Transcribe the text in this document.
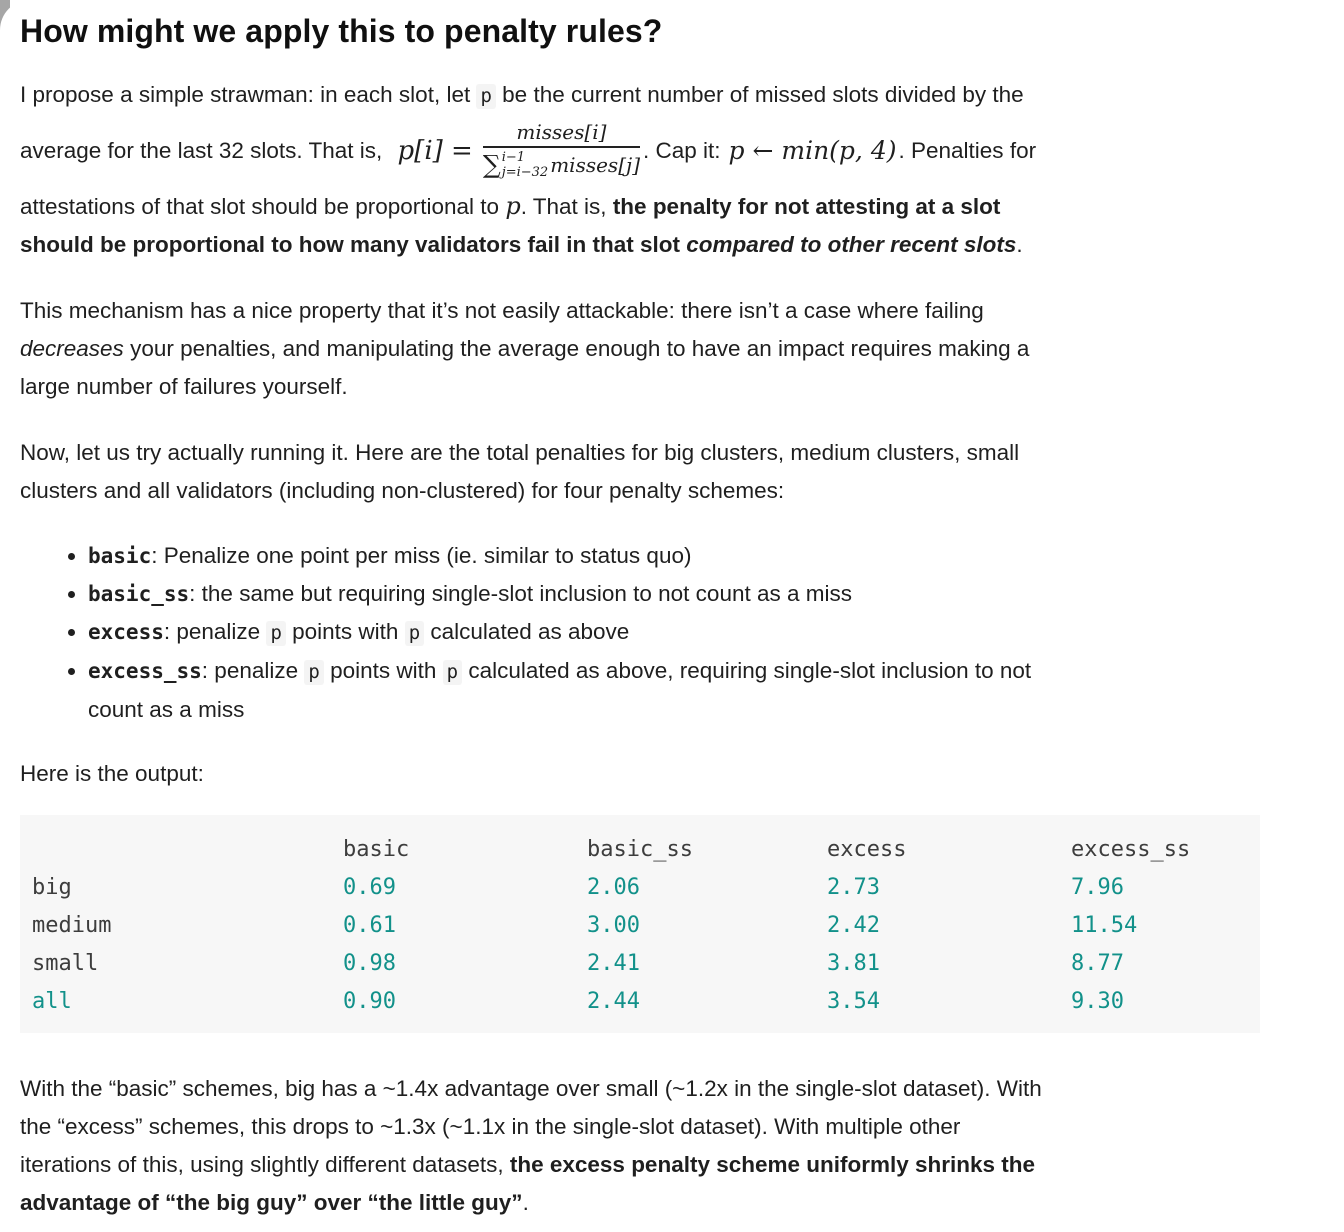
How might we apply this to penalty rules?

I propose a simple strawman: in each slot, let p be the current number of missed slots divided by the
average for the last 32 slots. That is, p[i] =
misses[i]
∑ i−1
j=i−32 misses[j]
. Cap it: p ← min(p, 4) . Penalties for
attestations of that slot should be proportional to p. That is, the penalty for not attesting at a slot
should be proportional to how many validators fail in that slot compared to other recent slots.

This mechanism has a nice property that it’s not easily attackable: there isn’t a case where failing
decreases your penalties, and manipulating the average enough to have an impact requires making a
large number of failures yourself.

Now, let us try actually running it. Here are the total penalties for big clusters, medium clusters, small
clusters and all validators (including non-clustered) for four penalty schemes:

• basic: Penalize one point per miss (ie. similar to status quo)
• basic_ss: the same but requiring single-slot inclusion to not count as a miss
• excess: penalize p points with p calculated as above
• excess_ss: penalize p points with p calculated as above, requiring single-slot inclusion to not
count as a miss

Here is the output:

	basic	basic_ss	excess	excess_ss
big	0.69	2.06	2.73	7.96
medium	0.61	3.00	2.42	11.54
small	0.98	2.41	3.81	8.77
all	0.90	2.44	3.54	9.30

With the “basic” schemes, big has a ~1.4x advantage over small (~1.2x in the single-slot dataset). With
the “excess” schemes, this drops to ~1.3x (~1.1x in the single-slot dataset). With multiple other
iterations of this, using slightly different datasets, the excess penalty scheme uniformly shrinks the
advantage of “the big guy” over “the little guy”.
